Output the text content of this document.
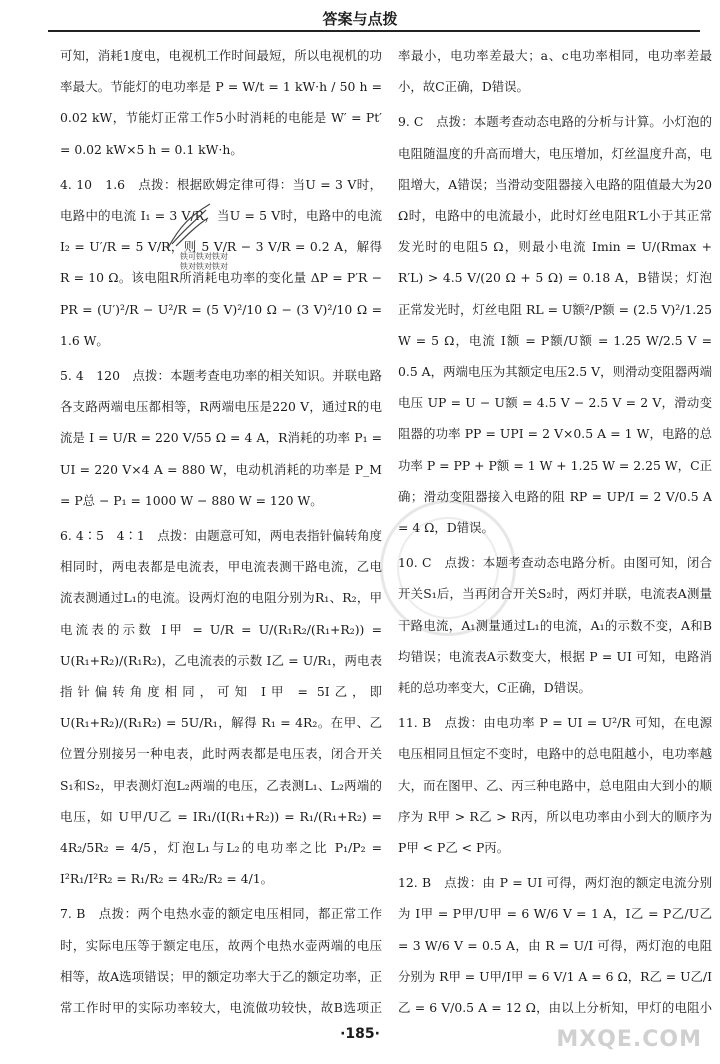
答案与点拨

可知，消耗1度电，电视机工作时间最短，所以电视机的功率最大。节能灯的电功率是 P = W/t = 1 kW·h / 50 h = 0.02 kW，节能灯正常工作5小时消耗的电能是 W′ = Pt′ = 0.02 kW×5 h = 0.1 kW·h。

4. 10　1.6　点拨：根据欧姆定律可得：当U = 3 V时，电路中的电流 I₁ = 3 V/R，当U = 5 V时，电路中的电流 I₂ = U′/R = 5 V/R，则 5 V/R − 3 V/R = 0.2 A，解得 R = 10 Ω。该电阻R所消耗电功率的变化量 ΔP = P′R − PR = (U′)²/R − U²/R = (5 V)²/10 Ω − (3 V)²/10 Ω = 1.6 W。

5. 4　120　点拨：本题考查电功率的相关知识。并联电路各支路两端电压都相等，R两端电压是220 V，通过R的电流是 I = U/R = 220 V/55 Ω = 4 A，R消耗的功率 P₁ = UI = 220 V×4 A = 880 W，电动机消耗的功率是 P_M = P总 − P₁ = 1000 W − 880 W = 120 W。

6. 4∶5　4∶1　点拨：由题意可知，两电表指针偏转角度相同时，两电表都是电流表，甲电流表测干路电流，乙电流表测通过L₁的电流。设两灯泡的电阻分别为R₁、R₂，甲电流表的示数 I甲 = U/R = U/(R₁R₂/(R₁+R₂)) = U(R₁+R₂)/(R₁R₂)，乙电流表的示数 I乙 = U/R₁，两电表指针偏转角度相同，可知 I甲 = 5I乙，即 U(R₁+R₂)/(R₁R₂) = 5U/R₁，解得 R₁ = 4R₂。在甲、乙位置分别接另一种电表，此时两表都是电压表，闭合开关S₁和S₂，甲表测灯泡L₂两端的电压，乙表测L₁、L₂两端的电压，如 U甲/U乙 = IR₁/(I(R₁+R₂)) = R₁/(R₁+R₂) = 4R₂/5R₂ = 4/5，灯泡L₁与L₂的电功率之比 P₁/P₂ = I²R₁/I²R₂ = R₁/R₂ = 4R₂/R₂ = 4/1。

7. B　点拨：两个电热水壶的额定电压相同，都正常工作时，实际电压等于额定电压，故两个电热水壶两端的电压相等，故A选项错误；甲的额定功率大于乙的额定功率，正常工作时甲的实际功率较大，电流做功较快，故B选项正

率最小，电功率差最大；a、c电功率相同，电功率差最小，故C正确，D错误。

9. C　点拨：本题考查动态电路的分析与计算。小灯泡的电阻随温度的升高而增大，电压增加，灯丝温度升高，电阻增大，A错误；当滑动变阻器接入电路的阻值最大为20 Ω时，电路中的电流最小，此时灯丝电阻R′L小于其正常发光时的电阻5 Ω，则最小电流 Imin = U/(Rmax + R′L) > 4.5 V/(20 Ω + 5 Ω) = 0.18 A，B错误；灯泡正常发光时，灯丝电阻 RL = U额²/P额 = (2.5 V)²/1.25 W = 5 Ω，电流 I额 = P额/U额 = 1.25 W/2.5 V = 0.5 A，两端电压为其额定电压2.5 V，则滑动变阻器两端电压 UP = U − U额 = 4.5 V − 2.5 V = 2 V，滑动变阻器的功率 PP = UPI = 2 V×0.5 A = 1 W，电路的总功率 P = PP + P额 = 1 W + 1.25 W = 2.25 W，C正确；滑动变阻器接入电路的阻 RP = UP/I = 2 V/0.5 A = 4 Ω，D错误。

10. C　点拨：本题考查动态电路分析。由图可知，闭合开关S₁后，当再闭合开关S₂时，两灯并联，电流表A测量干路电流，A₁测量通过L₁的电流，A₁的示数不变，A和B均错误；电流表A示数变大，根据 P = UI 可知，电路消耗的总功率变大，C正确，D错误。

11. B　点拨：由电功率 P = UI = U²/R 可知，在电源电压相同且恒定不变时，电路中的总电阻越小，电功率越大，而在图甲、乙、丙三种电路中，总电阻由大到小的顺序为 R甲 > R乙 > R丙，所以电功率由小到大的顺序为 P甲 < P乙 < P丙。

12. B　点拨：由 P = UI 可得，两灯泡的额定电流分别为 I甲 = P甲/U甲 = 6 W/6 V = 1 A，I乙 = P乙/U乙 = 3 W/6 V = 0.5 A，由 R = U/I 可得，两灯泡的电阻分别为 R甲 = U甲/I甲 = 6 V/1 A = 6 Ω，R乙 = U乙/I乙 = 6 V/0.5 A = 12 Ω，由以上分析知，甲灯的电阻小

铁可铁对铁对
铁对铁对铁对
·185·	MXQE.COM
